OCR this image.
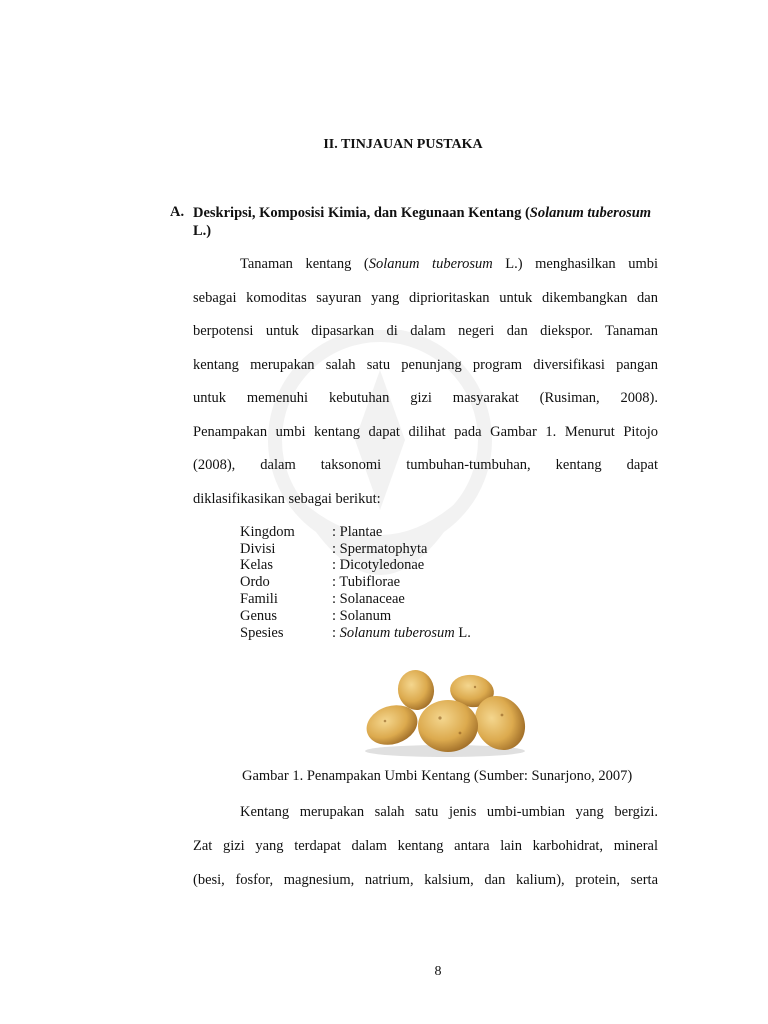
II. TINJAUAN PUSTAKA
A. Deskripsi, Komposisi Kimia, dan Kegunaan Kentang (Solanum tuberosum L.)
Tanaman kentang (Solanum tuberosum L.) menghasilkan umbi
sebagai komoditas sayuran yang diprioritaskan untuk dikembangkan dan
berpotensi untuk dipasarkan di dalam negeri dan diekspor. Tanaman
kentang merupakan salah satu penunjang program diversifikasi pangan
untuk memenuhi kebutuhan gizi masyarakat (Rusiman, 2008).
Penampakan umbi kentang dapat dilihat pada Gambar 1. Menurut Pitojo
(2008), dalam taksonomi tumbuhan-tumbuhan, kentang dapat
diklasifikasikan sebagai berikut:
Kingdom	: Plantae
Divisi	: Spermatophyta
Kelas	: Dicotyledonae
Ordo	: Tubiflorae
Famili	: Solanaceae
Genus	: Solanum
Spesies	: Solanum tuberosum L.
Gambar 1. Penampakan Umbi Kentang (Sumber: Sunarjono, 2007)
Kentang merupakan salah satu jenis umbi-umbian yang bergizi.
Zat gizi yang terdapat dalam kentang antara lain karbohidrat, mineral
(besi, fosfor, magnesium, natrium, kalsium, dan kalium), protein, serta
8
